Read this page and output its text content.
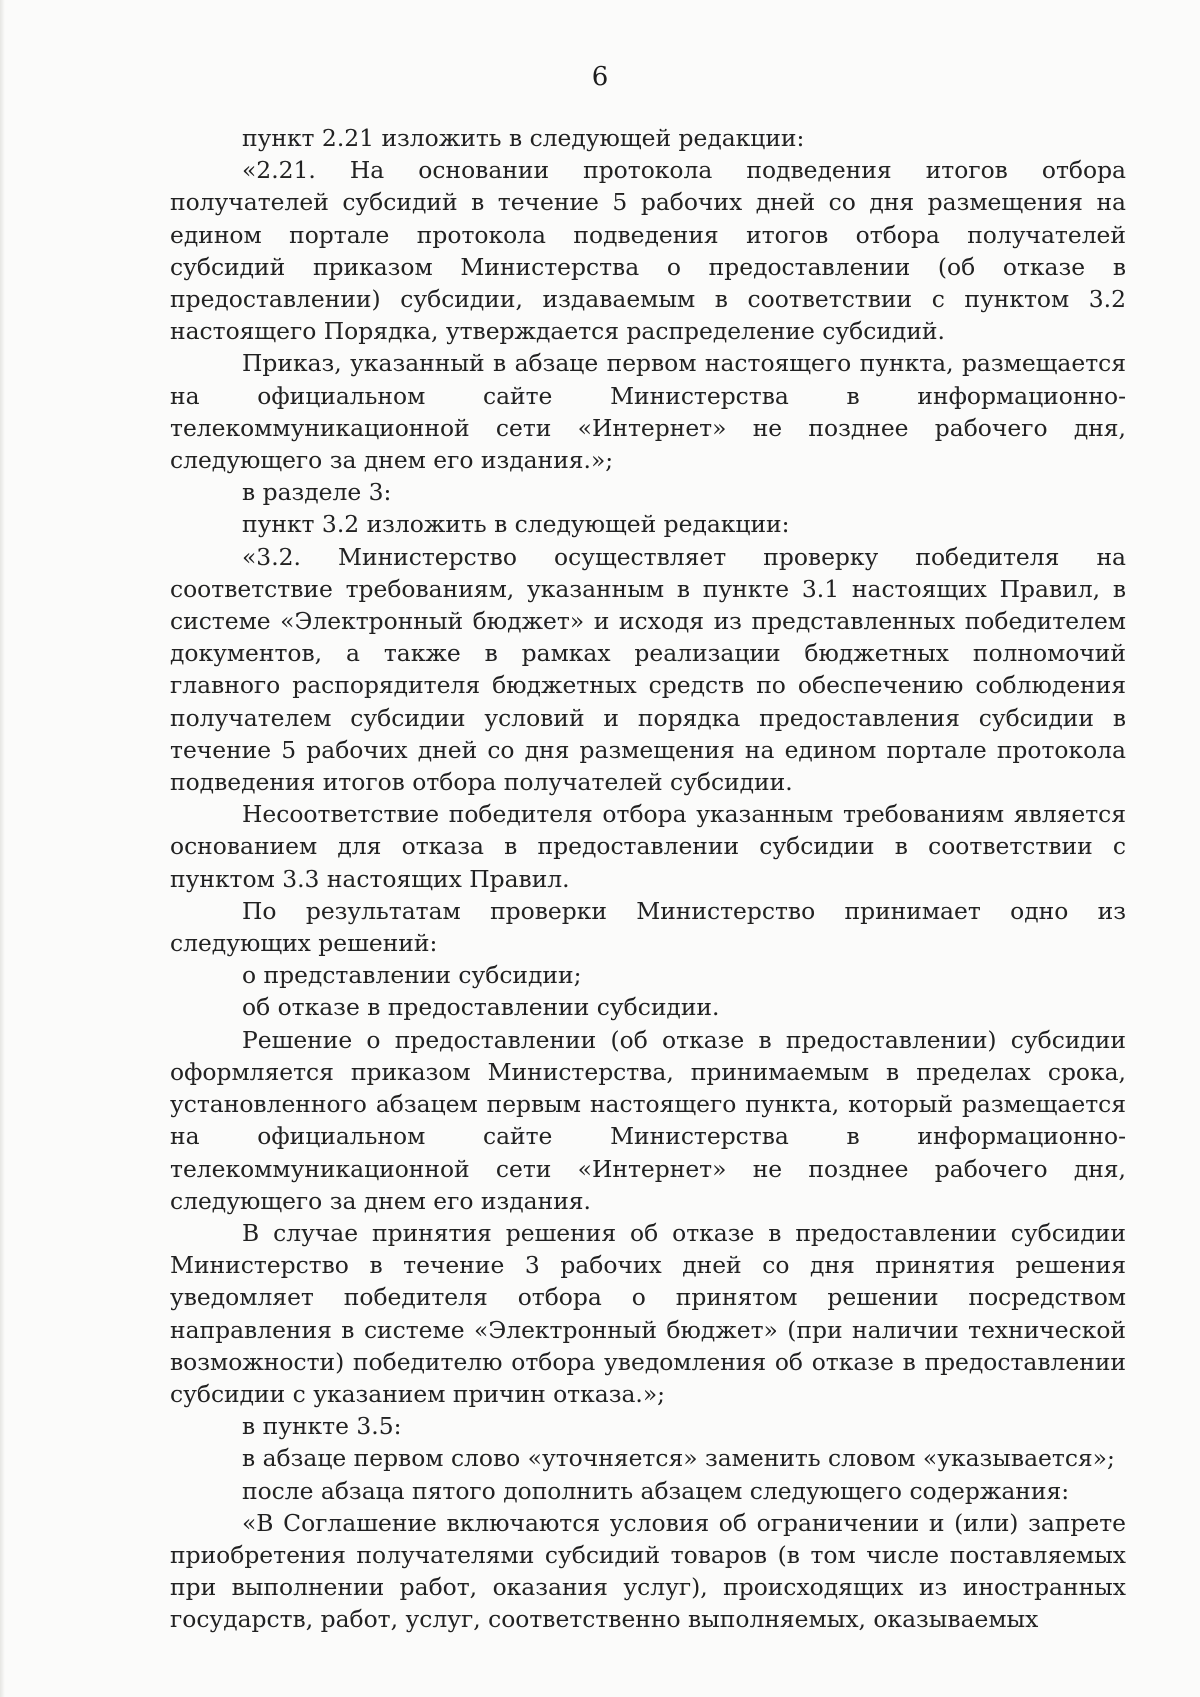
6

пункт 2.21 изложить в следующей редакции:

«2.21. На основании протокола подведения итогов отбора получателей субсидий в течение 5 рабочих дней со дня размещения на едином портале протокола подведения итогов отбора получателей субсидий приказом Министерства о предоставлении (об отказе в предоставлении) субсидии, издаваемым в соответствии с пунктом 3.2 настоящего Порядка, утверждается распределение субсидий.

Приказ, указанный в абзаце первом настоящего пункта, размещается на официальном сайте Министерства в информационно-телекоммуникационной сети «Интернет» не позднее рабочего дня, следующего за днем его издания.»;

в разделе 3:

пункт 3.2 изложить в следующей редакции:

«3.2. Министерство осуществляет проверку победителя на соответствие требованиям, указанным в пункте 3.1 настоящих Правил, в системе «Электронный бюджет» и исходя из представленных победителем документов, а также в рамках реализации бюджетных полномочий главного распорядителя бюджетных средств по обеспечению соблюдения получателем субсидии условий и порядка предоставления субсидии в течение 5 рабочих дней со дня размещения на едином портале протокола подведения итогов отбора получателей субсидии.

Несоответствие победителя отбора указанным требованиям является основанием для отказа в предоставлении субсидии в соответствии с пунктом 3.3 настоящих Правил.

По результатам проверки Министерство принимает одно из следующих решений:

о представлении субсидии;

об отказе в предоставлении субсидии.

Решение о предоставлении (об отказе в предоставлении) субсидии оформляется приказом Министерства, принимаемым в пределах срока, установленного абзацем первым настоящего пункта, который размещается на официальном сайте Министерства в информационно-телекоммуникационной сети «Интернет» не позднее рабочего дня, следующего за днем его издания.

В случае принятия решения об отказе в предоставлении субсидии Министерство в течение 3 рабочих дней со дня принятия решения уведомляет победителя отбора о принятом решении посредством направления в системе «Электронный бюджет» (при наличии технической возможности) победителю отбора уведомления об отказе в предоставлении субсидии с указанием причин отказа.»;

в пункте 3.5:

в абзаце первом слово «уточняется» заменить словом «указывается»;

после абзаца пятого дополнить абзацем следующего содержания:

«В Соглашение включаются условия об ограничении и (или) запрете приобретения получателями субсидий товаров (в том числе поставляемых при выполнении работ, оказания услуг), происходящих из иностранных государств, работ, услуг, соответственно выполняемых, оказываемых
